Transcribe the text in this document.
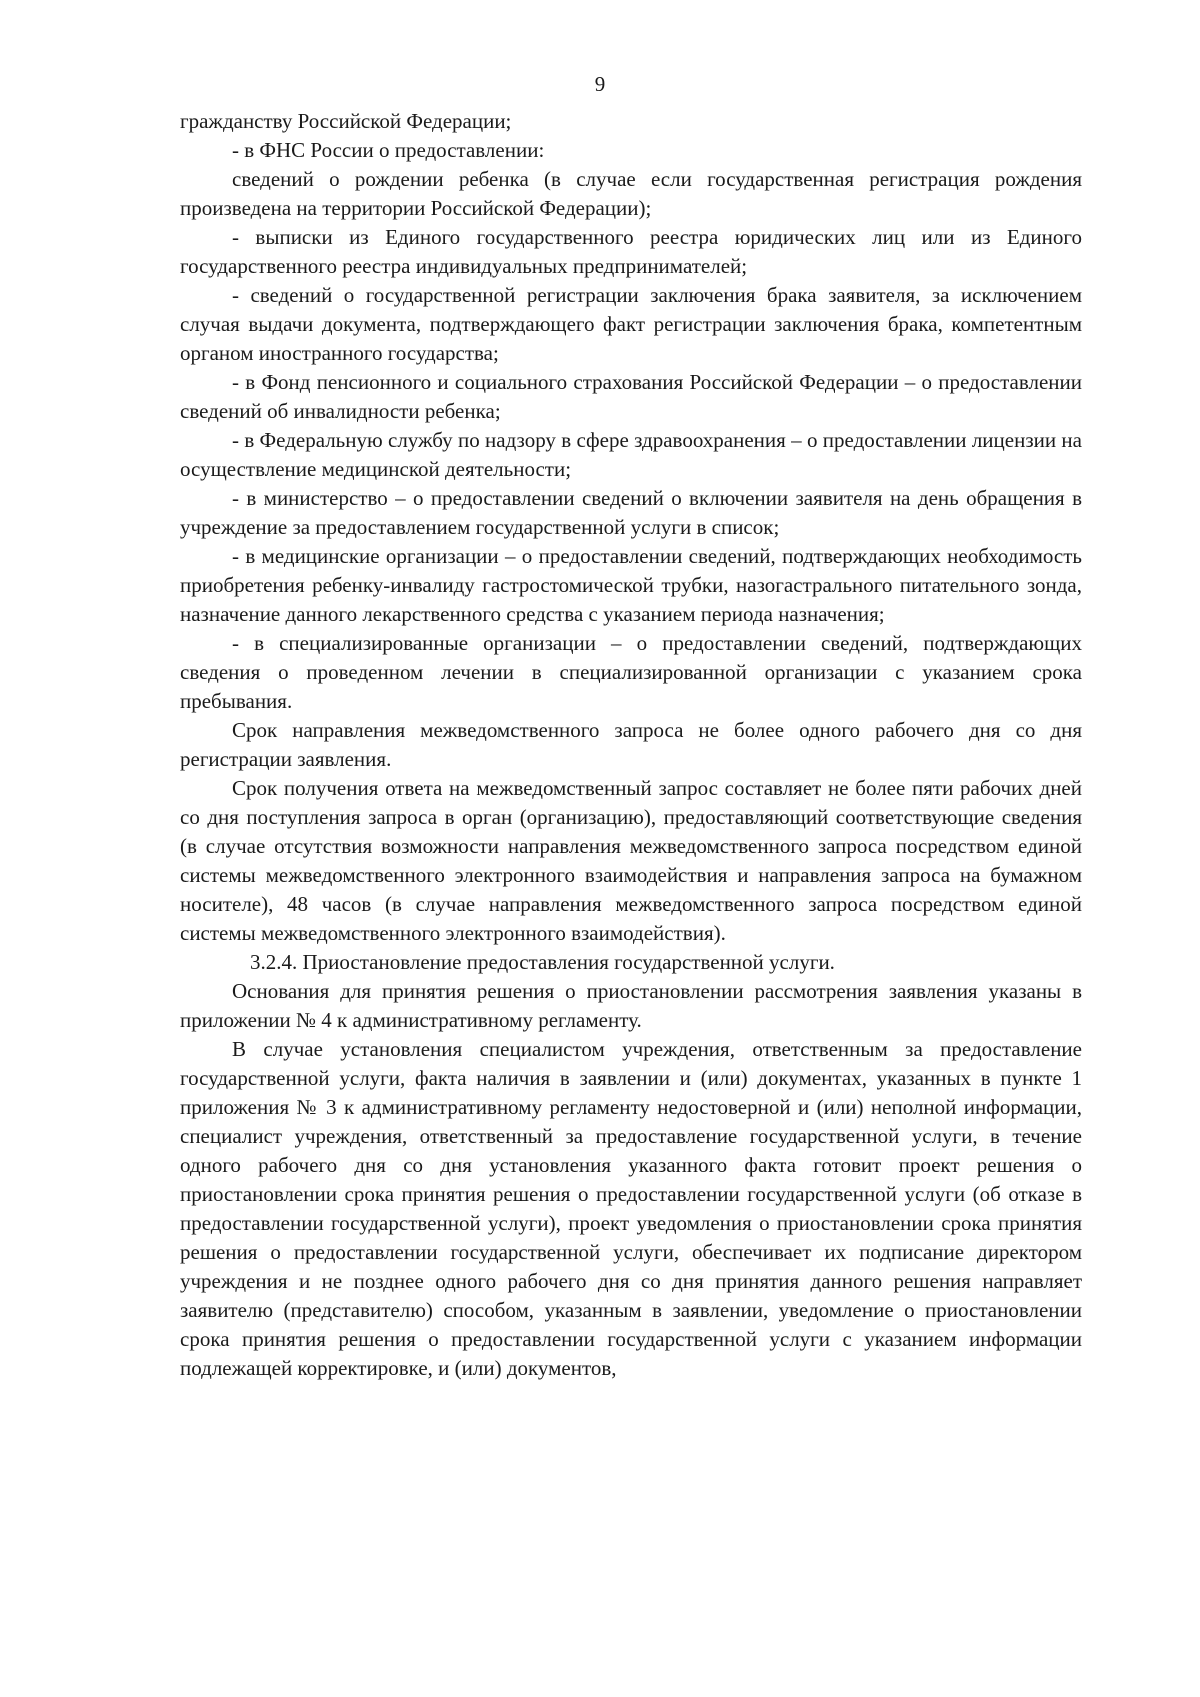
9

гражданству Российской Федерации;

- в ФНС России о предоставлении:

сведений о рождении ребенка (в случае если государственная регистрация рождения произведена на территории Российской Федерации);

- выписки из Единого государственного реестра юридических лиц или из Единого государственного реестра индивидуальных предпринимателей;

- сведений о государственной регистрации заключения брака заявителя, за исключением случая выдачи документа, подтверждающего факт регистрации заключения брака, компетентным органом иностранного государства;

- в Фонд пенсионного и социального страхования Российской Федерации – о предоставлении сведений об инвалидности ребенка;

- в Федеральную службу по надзору в сфере здравоохранения – о предоставлении лицензии на осуществление медицинской деятельности;

- в министерство – о предоставлении сведений о включении заявителя на день обращения в учреждение за предоставлением государственной услуги в список;

- в медицинские организации – о предоставлении сведений, подтверждающих необходимость приобретения ребенку-инвалиду гастростомической трубки, назогастрального питательного зонда, назначение данного лекарственного средства с указанием периода назначения;

- в специализированные организации – о предоставлении сведений, подтверждающих сведения о проведенном лечении в специализированной организации с указанием срока пребывания.

Срок направления межведомственного запроса не более одного рабочего дня со дня регистрации заявления.

Срок получения ответа на межведомственный запрос составляет не более пяти рабочих дней со дня поступления запроса в орган (организацию), предоставляющий соответствующие сведения (в случае отсутствия возможности направления межведомственного запроса посредством единой системы межведомственного электронного взаимодействия и направления запроса на бумажном носителе), 48 часов (в случае направления межведомственного запроса посредством единой системы межведомственного электронного взаимодействия).

3.2.4. Приостановление предоставления государственной услуги.

Основания для принятия решения о приостановлении рассмотрения заявления указаны в приложении № 4 к административному регламенту.

В случае установления специалистом учреждения, ответственным за предоставление государственной услуги, факта наличия в заявлении и (или) документах, указанных в пункте 1 приложения № 3 к административному регламенту недостоверной и (или) неполной информации, специалист учреждения, ответственный за предоставление государственной услуги, в течение одного рабочего дня со дня установления указанного факта готовит проект решения о приостановлении срока принятия решения о предоставлении государственной услуги (об отказе в предоставлении государственной услуги), проект уведомления о приостановлении срока принятия решения о предоставлении государственной услуги, обеспечивает их подписание директором учреждения и не позднее одного рабочего дня со дня принятия данного решения направляет заявителю (представителю) способом, указанным в заявлении, уведомление о приостановлении срока принятия решения о предоставлении государственной услуги с указанием информации подлежащей корректировке, и (или) документов,
